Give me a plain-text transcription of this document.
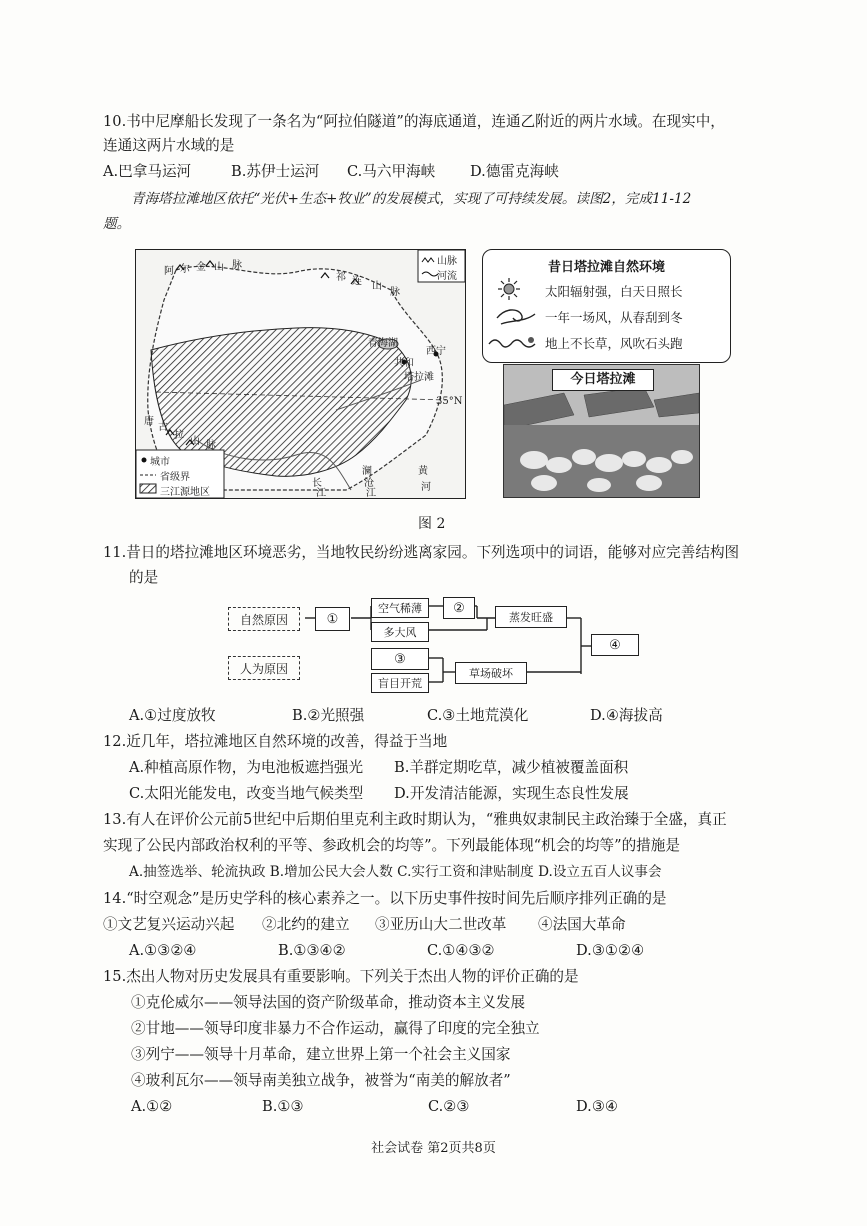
10.书中尼摩船长发现了一条名为“阿拉伯隧道”的海底通道，连通乙附近的两片水域。在现实中，
连通这两片水域的是
A.巴拿马运河	B.苏伊士运河 C.马六甲海峡 D.德雷克海峡
青海塔拉滩地区依托“光伏+生态+牧业”的发展模式，实现了可持续发展。读图2，完成11-12
题。
山脉
河流
城市
省级界
三江源地区
阿 尔 金 山 脉
祁 连 山
脉
青海湖
共和
西宁
塔拉滩
35°N
唐
古
拉
山 脉
长
江
澜
沧
江
黄
河
昔日塔拉滩自然环境
太阳辐射强，白天日照长
一年一场风，从春刮到冬
地上不长草，风吹石头跑
今日塔拉滩
图 2
11.昔日的塔拉滩地区环境恶劣，当地牧民纷纷逃离家园。下列选项中的词语，能够对应完善结构图
的是
自然原因
人为原因
①
空气稀薄	②
多大风
蒸发旺盛
④
③
盲目开荒
草场破坏
A.①过度放牧	B.②光照强	C.③土地荒漠化	D.④海拔高
12.近几年，塔拉滩地区自然环境的改善，得益于当地
A.种植高原作物，为电池板遮挡强光 B.羊群定期吃草，减少植被覆盖面积
C.太阳光能发电，改变当地气候类型 D.开发清洁能源，实现生态良性发展
13.有人在评价公元前5世纪中后期伯里克利主政时期认为，“雅典奴隶制民主政治臻于全盛，真正
实现了公民内部政治权利的平等、参政机会的均等”。下列最能体现“机会的均等”的措施是
A.抽签选举、轮流执政 B.增加公民大会人数 C.实行工资和津贴制度 D.设立五百人议事会
14.“时空观念”是历史学科的核心素养之一。以下历史事件按时间先后顺序排列正确的是
①文艺复兴运动兴起 ②北约的建立 ③亚历山大二世改革 ④法国大革命
A.①③②④	B.①③④②	C.①④③②	D.③①②④
15.杰出人物对历史发展具有重要影响。下列关于杰出人物的评价正确的是
①克伦威尔——领导法国的资产阶级革命，推动资本主义发展
②甘地——领导印度非暴力不合作运动，赢得了印度的完全独立
③列宁——领导十月革命，建立世界上第一个社会主义国家
④玻利瓦尔——领导南美独立战争，被誉为“南美的解放者”
A.①②	B.①③	C.②③	D.③④
社会试卷 第2页共8页
